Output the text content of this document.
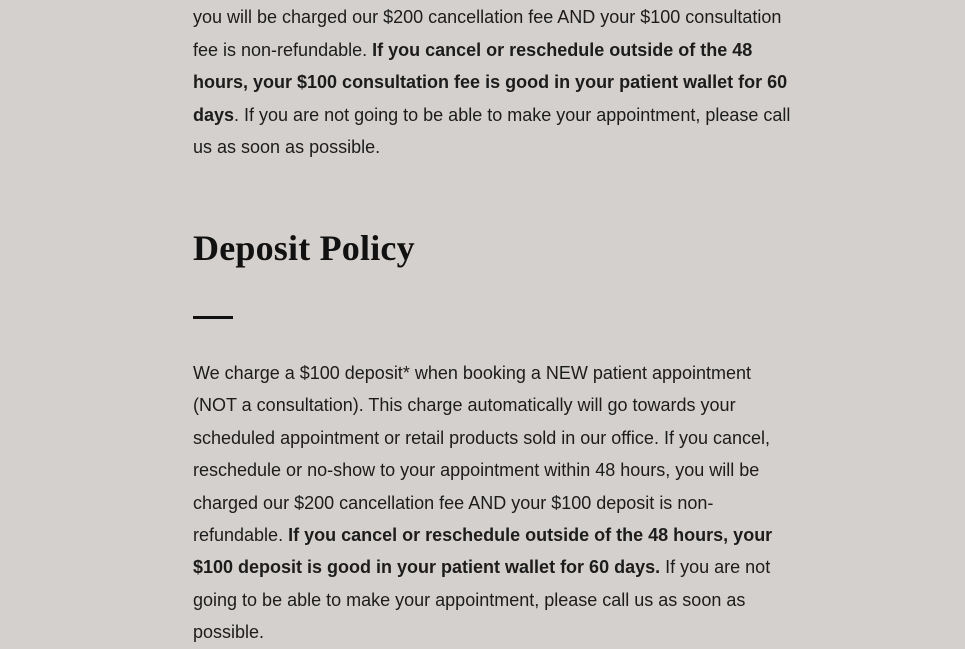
you will be charged our $200 cancellation fee AND your $100 consultation fee is non-refundable. If you cancel or reschedule outside of the 48 hours, your $100 consultation fee is good in your patient wallet for 60 days. If you are not going to be able to make your appointment, please call us as soon as possible.

Deposit Policy

We charge a $100 deposit* when booking a NEW patient appointment (NOT a consultation). This charge automatically will go towards your scheduled appointment or retail products sold in our office. If you cancel, reschedule or no-show to your appointment within 48 hours, you will be charged our $200 cancellation fee AND your $100 deposit is non-refundable. If you cancel or reschedule outside of the 48 hours, your $100 deposit is good in your patient wallet for 60 days. If you are not going to be able to make your appointment, please call us as soon as possible.
